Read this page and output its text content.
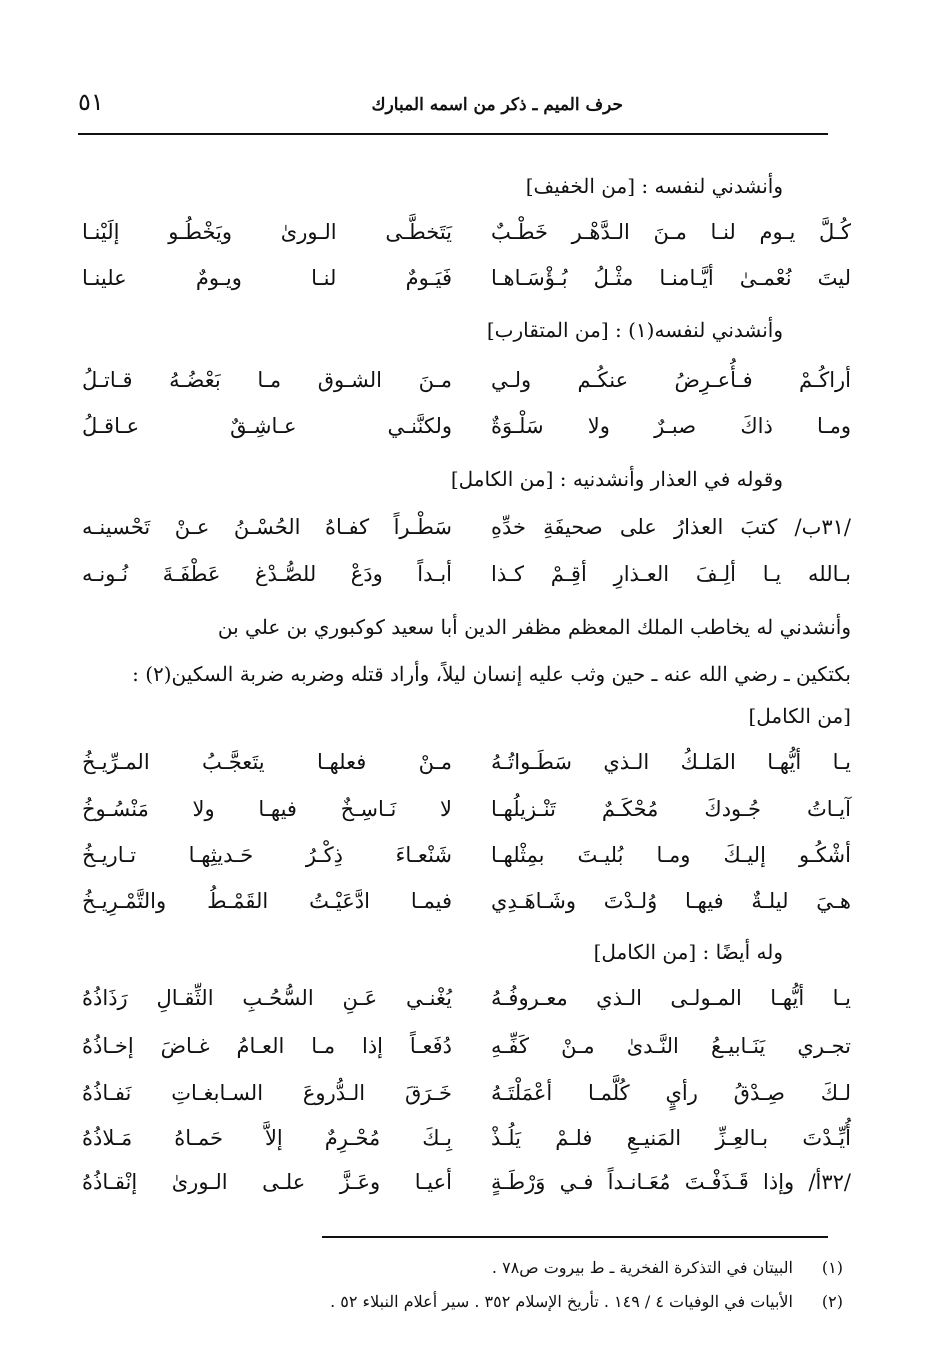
حرف الميم ـ ذكر من اسمه المبارك
٥١
وأنشدني لنفسه : [من الخفيف]
كُـلَّ يـوم لنـا مـنَ الـدَّهْـر خَطْـبٌ
يَتَخطَّـى الـورىٰ ويَخْطُـو إلَيْنـا
ليتَ نُعْمـىٰ أيَّـامنـا مثْـلُ بُـؤْسَـاهـا
فَيَـومٌ لنـا ويـومٌ علينـا
وأنشدني لنفسه(١) : [من المتقارب]
أراكُـمْ فـأُعـرِضُ عنكُـم ولـي
مـنَ الشـوق مـا بَعْضُـهُ قـاتـلُ
ومـا ذاكَ صبـرٌ ولا سَلْـوَةٌ
ولكنَّنـي عـاشِـقٌ عـاقـلُ
وقوله في العذار وأنشدنيه : [من الكامل]
/٣١ب/ كتبَ العذارُ على صحيفَةِ خدِّهِ
سَطْـراً كفـاهُ الحُسْـنُ عـنْ تَحْسينـه
بـالله يـا ألِـفَ العـذارِ أقِـمْ كـذا
أبـداً ودَعْ للصُّـدْغ عَطْفَـةَ نُـونـه
وأنشدني له يخاطب الملك المعظم مظفر الدين أبا سعيد كوكبوري بن علي بن
بكتكين ـ رضي الله عنه ـ حين وثب عليه إنسان ليلاً، وأراد قتله وضربه ضربة السكين(٢) :
[من الكامل]
يـا أيُّهـا المَلـكُ الـذي سَطَـواتُـهُ
مـنْ فعلهـا يتَعجَّـبُ المـرِّيـخُ
آيـاتُ جُـودكَ مُحْكَـمٌ تَنْـزيلُهـا
لا نَـاسِـخٌ فيهـا ولا مَنْسُـوخُ
أشْكُـو إليـكَ ومـا بُليـتَ بمِثْلهـا
شَنْعـاءَ ذِكْـرُ حَـديثِهـا تـاريـخُ
هـيَ ليلـةٌ فيهـا وُلـدْتَ وشَـاهَـدِي
فيمـا ادَّعَيْـتُ القَمْـطُ والتَّمْـرِيـخُ
وله أيضًا : [من الكامل]
يـا أيُّهـا المـولـى الـذي معـروفُـهُ
يُغْنـي عَـنِ السُّحُـبِ الثِّقـالِ رَذَاذُهُ
تجـري يَنَـابيـعُ النَّـدىٰ مـنْ كَفِّـهِ
دُفَعـاً إذا مـا العـامُ غـاضَ إخـاذُهُ
لـكَ صِـدْقُ رأيٍ كُلَّمـا أعْمَلْتَـهُ
خَـرَقَ الـدُّروعَ السـابغـاتِ نَفـاذُهُ
أُيِّـدْتَ بـالعِـزِّ المَنيـعِ فلـمْ يَلُـذْ
بِـكَ مُحْـرِمٌ إلاَّ حَمـاهُ مَـلاذُهُ
/٣٢أ/ وإذا قَـذَفْـتَ مُعَـانـداً فـي وَرْطَـةٍ
أعيـا وعَـزَّ علـى الـورىٰ إنْقـاذُهُ
(١)
البيتان في التذكرة الفخرية ـ ط بيروت ص٧٨ .
(٢)
الأبيات في الوفيات ٤ / ١٤٩ . تأريخ الإسلام ٣٥٢ . سير أعلام النبلاء ٥٢ .
